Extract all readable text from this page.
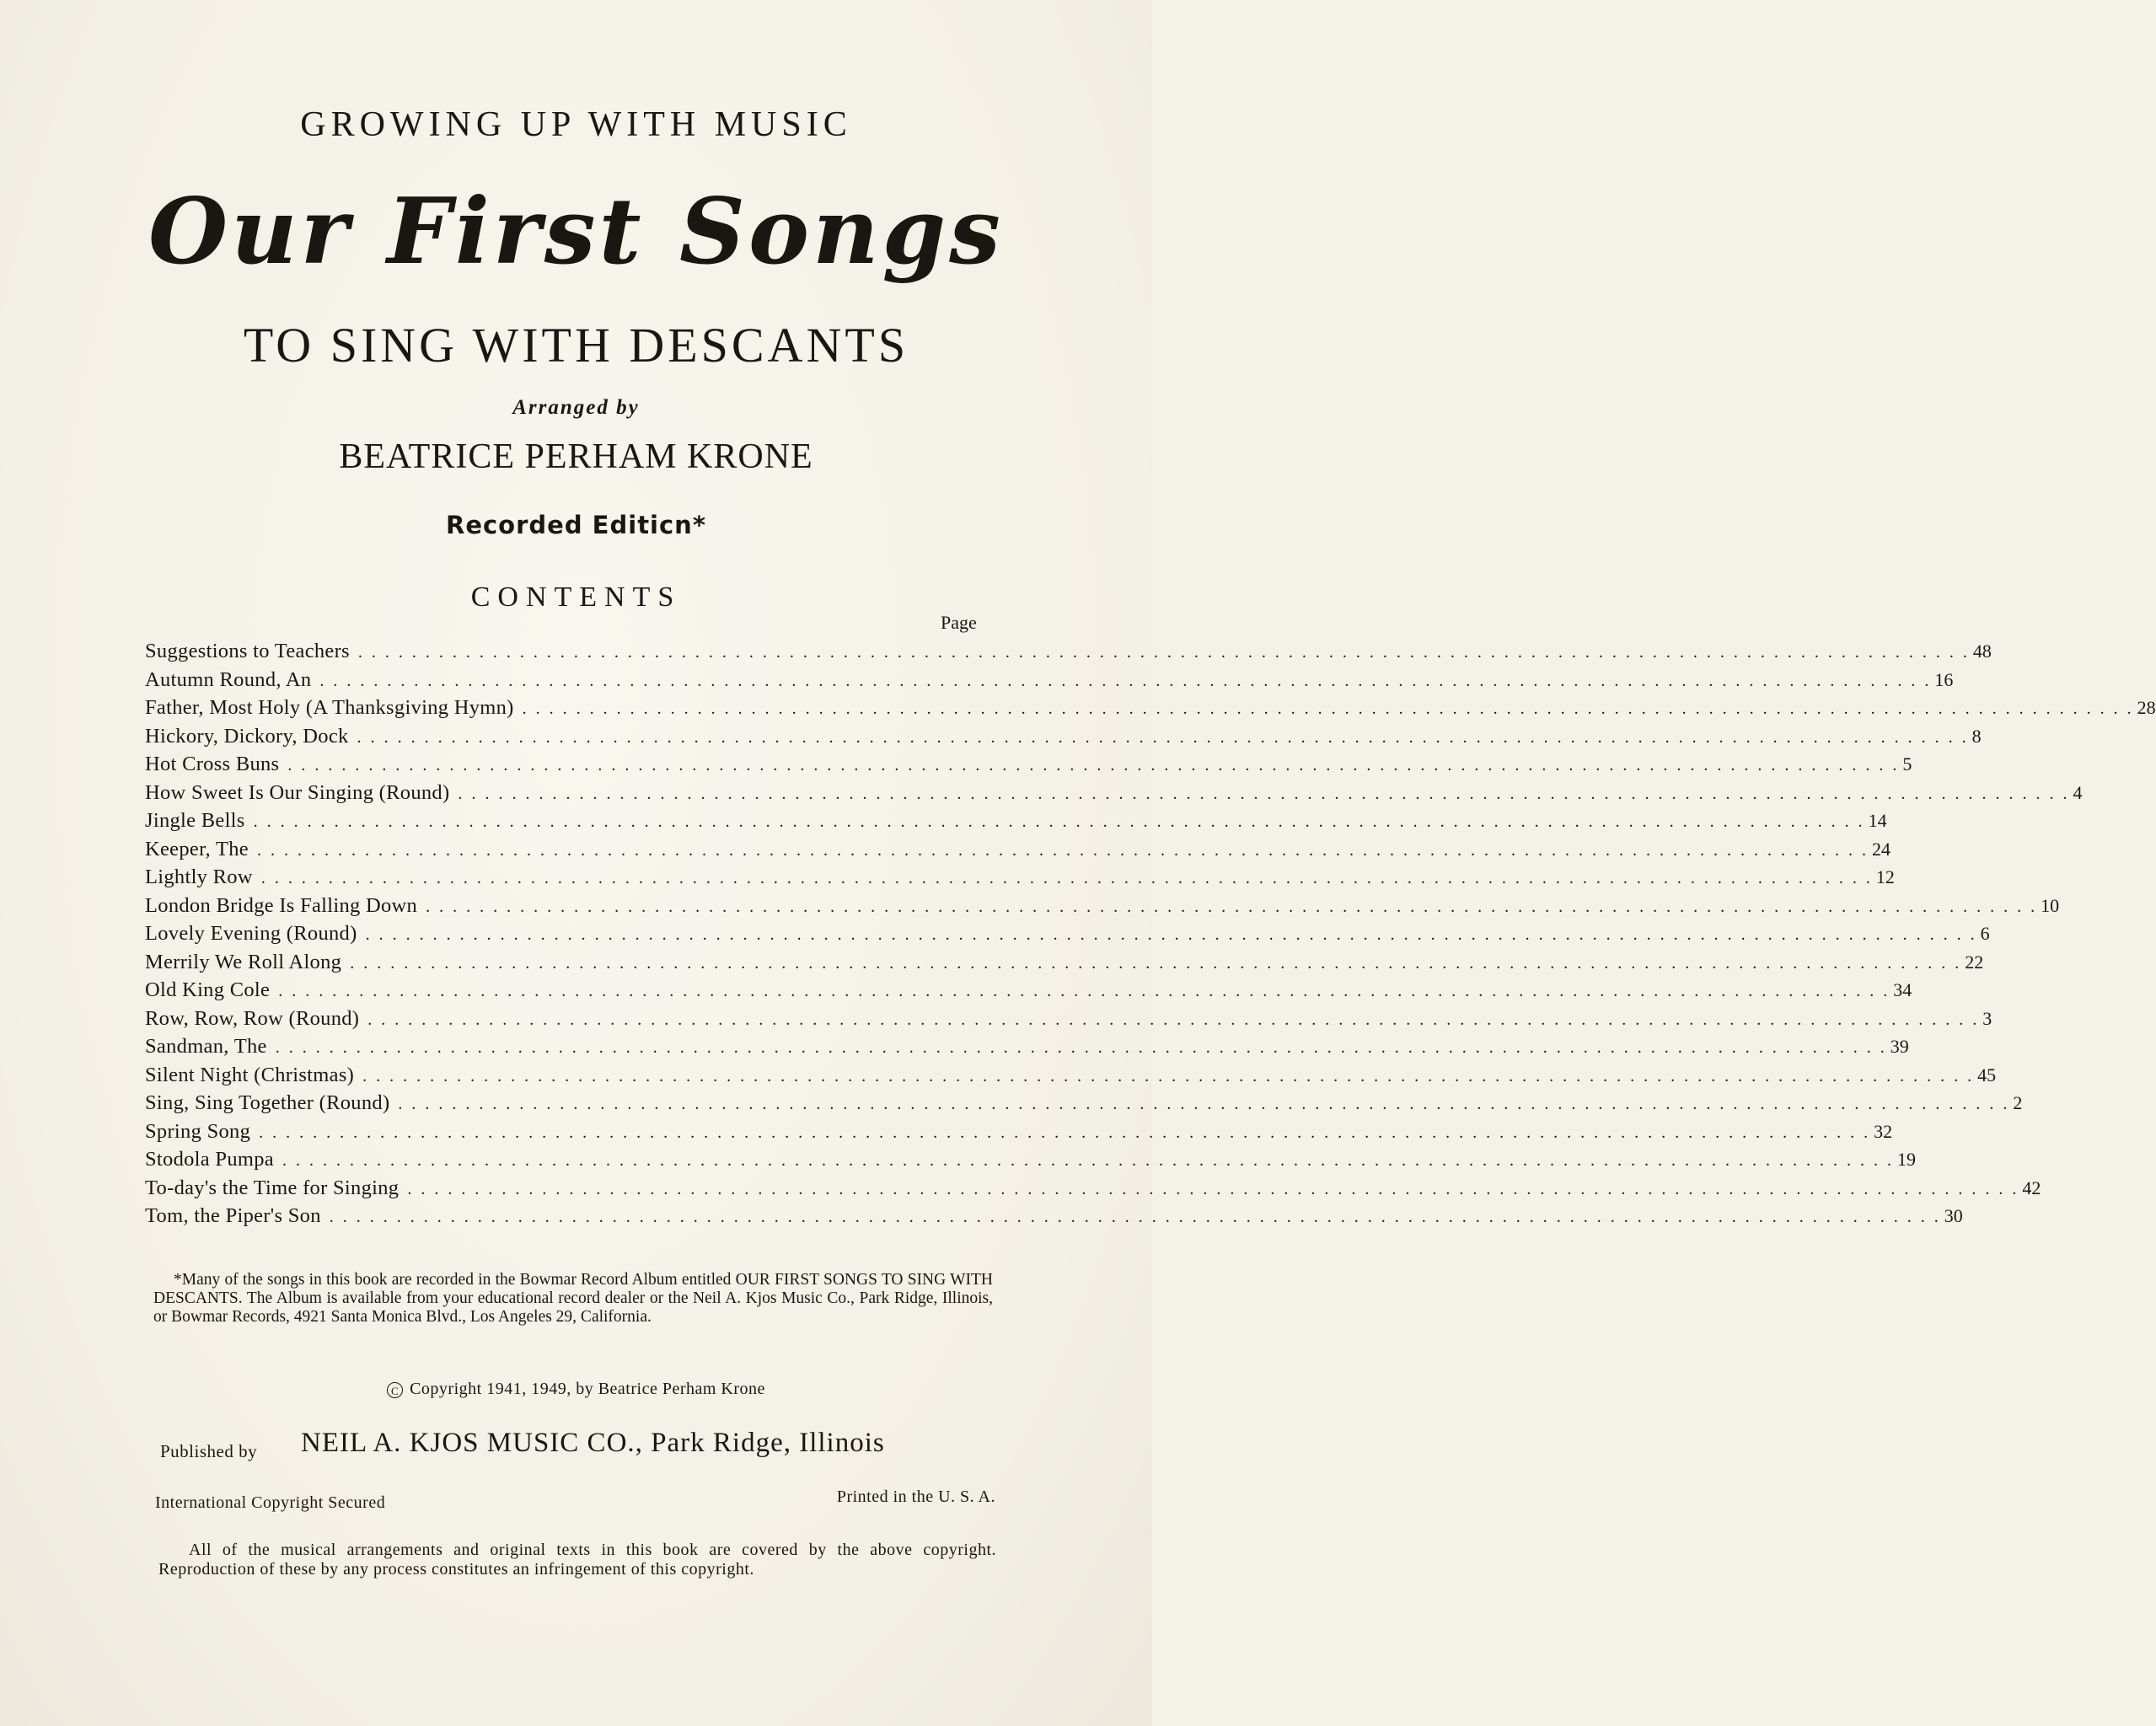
GROWING UP WITH MUSIC
Our First Songs
TO SING WITH DESCANTS
Arranged by
BEATRICE PERHAM KRONE
Recorded Editicn*
CONTENTS
Page
Suggestions to Teachers . . . . . . . . . . . . . . . . . . . . . . . . . . . . . . . . . . . . . . . . . . . . . . . . . . . . . . . . . . . . . . . . . . . . . . . . . . . . . . . . . . . . . . . . . . . . . . . . . . . . . . . . . . . . . . . . . . . . . . . . 48
Autumn Round, An . . . . . . . . . . . . . . . . . . . . . . . . . . . . . . . . . . . . . . . . . . . . . . . . . . . . . . . . . . . . . . . . . . . . . . . . . . . . . . . . . . . . . . . . . . . . . . . . . . . . . . . . . . . . . . . . . . . . . . . . 16
Father, Most Holy (A Thanksgiving Hymn) . . . . . . . . . . . . . . . . . . . . . . . . . . . . . . . . . . . . . . . . . . . . . . . . . . . . . . . . . . . . . . . . . . . . . . . . . . . . . . . . . . . . . . . . . . . . . . . . . . . . . . . . . . . . . . . . . . . . . . . . 28
Hickory, Dickory, Dock . . . . . . . . . . . . . . . . . . . . . . . . . . . . . . . . . . . . . . . . . . . . . . . . . . . . . . . . . . . . . . . . . . . . . . . . . . . . . . . . . . . . . . . . . . . . . . . . . . . . . . . . . . . . . . . . . . . . . . . . 8
Hot Cross Buns . . . . . . . . . . . . . . . . . . . . . . . . . . . . . . . . . . . . . . . . . . . . . . . . . . . . . . . . . . . . . . . . . . . . . . . . . . . . . . . . . . . . . . . . . . . . . . . . . . . . . . . . . . . . . . . . . . . . . . . . 5
How Sweet Is Our Singing (Round) . . . . . . . . . . . . . . . . . . . . . . . . . . . . . . . . . . . . . . . . . . . . . . . . . . . . . . . . . . . . . . . . . . . . . . . . . . . . . . . . . . . . . . . . . . . . . . . . . . . . . . . . . . . . . . . . . . . . . . . . 4
Jingle Bells . . . . . . . . . . . . . . . . . . . . . . . . . . . . . . . . . . . . . . . . . . . . . . . . . . . . . . . . . . . . . . . . . . . . . . . . . . . . . . . . . . . . . . . . . . . . . . . . . . . . . . . . . . . . . . . . . . . . . . . . 14
Keeper, The . . . . . . . . . . . . . . . . . . . . . . . . . . . . . . . . . . . . . . . . . . . . . . . . . . . . . . . . . . . . . . . . . . . . . . . . . . . . . . . . . . . . . . . . . . . . . . . . . . . . . . . . . . . . . . . . . . . . . . . . 24
Lightly Row . . . . . . . . . . . . . . . . . . . . . . . . . . . . . . . . . . . . . . . . . . . . . . . . . . . . . . . . . . . . . . . . . . . . . . . . . . . . . . . . . . . . . . . . . . . . . . . . . . . . . . . . . . . . . . . . . . . . . . . . 12
London Bridge Is Falling Down . . . . . . . . . . . . . . . . . . . . . . . . . . . . . . . . . . . . . . . . . . . . . . . . . . . . . . . . . . . . . . . . . . . . . . . . . . . . . . . . . . . . . . . . . . . . . . . . . . . . . . . . . . . . . . . . . . . . . . . . 10
Lovely Evening (Round) . . . . . . . . . . . . . . . . . . . . . . . . . . . . . . . . . . . . . . . . . . . . . . . . . . . . . . . . . . . . . . . . . . . . . . . . . . . . . . . . . . . . . . . . . . . . . . . . . . . . . . . . . . . . . . . . . . . . . . . . 6
Merrily We Roll Along . . . . . . . . . . . . . . . . . . . . . . . . . . . . . . . . . . . . . . . . . . . . . . . . . . . . . . . . . . . . . . . . . . . . . . . . . . . . . . . . . . . . . . . . . . . . . . . . . . . . . . . . . . . . . . . . . . . . . . . . 22
Old King Cole . . . . . . . . . . . . . . . . . . . . . . . . . . . . . . . . . . . . . . . . . . . . . . . . . . . . . . . . . . . . . . . . . . . . . . . . . . . . . . . . . . . . . . . . . . . . . . . . . . . . . . . . . . . . . . . . . . . . . . . . 34
Row, Row, Row (Round) . . . . . . . . . . . . . . . . . . . . . . . . . . . . . . . . . . . . . . . . . . . . . . . . . . . . . . . . . . . . . . . . . . . . . . . . . . . . . . . . . . . . . . . . . . . . . . . . . . . . . . . . . . . . . . . . . . . . . . . . 3
Sandman, The . . . . . . . . . . . . . . . . . . . . . . . . . . . . . . . . . . . . . . . . . . . . . . . . . . . . . . . . . . . . . . . . . . . . . . . . . . . . . . . . . . . . . . . . . . . . . . . . . . . . . . . . . . . . . . . . . . . . . . . . 39
Silent Night (Christmas) . . . . . . . . . . . . . . . . . . . . . . . . . . . . . . . . . . . . . . . . . . . . . . . . . . . . . . . . . . . . . . . . . . . . . . . . . . . . . . . . . . . . . . . . . . . . . . . . . . . . . . . . . . . . . . . . . . . . . . . . 45
Sing, Sing Together (Round) . . . . . . . . . . . . . . . . . . . . . . . . . . . . . . . . . . . . . . . . . . . . . . . . . . . . . . . . . . . . . . . . . . . . . . . . . . . . . . . . . . . . . . . . . . . . . . . . . . . . . . . . . . . . . . . . . . . . . . . . 2
Spring Song . . . . . . . . . . . . . . . . . . . . . . . . . . . . . . . . . . . . . . . . . . . . . . . . . . . . . . . . . . . . . . . . . . . . . . . . . . . . . . . . . . . . . . . . . . . . . . . . . . . . . . . . . . . . . . . . . . . . . . . . 32
Stodola Pumpa . . . . . . . . . . . . . . . . . . . . . . . . . . . . . . . . . . . . . . . . . . . . . . . . . . . . . . . . . . . . . . . . . . . . . . . . . . . . . . . . . . . . . . . . . . . . . . . . . . . . . . . . . . . . . . . . . . . . . . . . 19
To-day's the Time for Singing . . . . . . . . . . . . . . . . . . . . . . . . . . . . . . . . . . . . . . . . . . . . . . . . . . . . . . . . . . . . . . . . . . . . . . . . . . . . . . . . . . . . . . . . . . . . . . . . . . . . . . . . . . . . . . . . . . . . . . . . 42
Tom, the Piper's Son . . . . . . . . . . . . . . . . . . . . . . . . . . . . . . . . . . . . . . . . . . . . . . . . . . . . . . . . . . . . . . . . . . . . . . . . . . . . . . . . . . . . . . . . . . . . . . . . . . . . . . . . . . . . . . . . . . . . . . . . 30
*Many of the songs in this book are recorded in the Bowmar Record Album entitled OUR FIRST SONGS TO SING WITH DESCANTS. The Album is available from your educational record dealer or the Neil A. Kjos Music Co., Park Ridge, Illinois, or Bowmar Records, 4921 Santa Monica Blvd., Los Angeles 29, California.
C Copyright 1941, 1949, by Beatrice Perham Krone
Published by NEIL A. KJOS MUSIC CO., Park Ridge, Illinois
International Copyright Secured	Printed in the U. S. A.
All of the musical arrangements and original texts in this book are covered by the above copyright. Reproduction of these by any process constitutes an infringement of this copyright.
